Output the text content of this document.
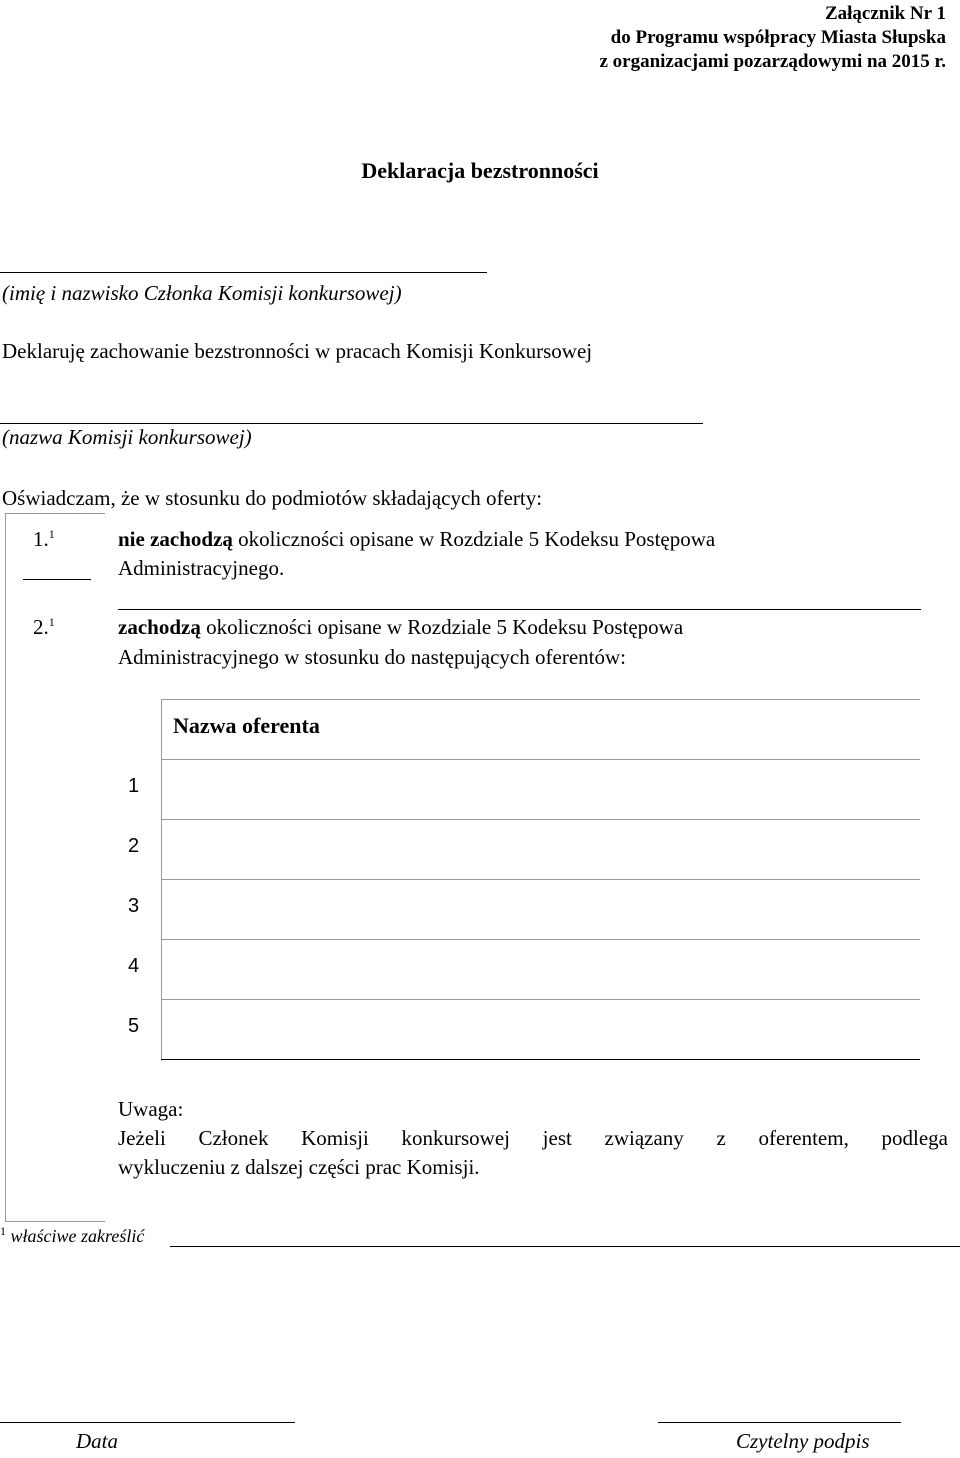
Załącznik Nr 1
do Programu współpracy Miasta Słupska
z organizacjami pozarządowymi na 2015 r.
Deklaracja bezstronności
(imię i nazwisko Członka Komisji konkursowej)
Deklaruję zachowanie bezstronności w pracach Komisji Konkursowej
(nazwa Komisji konkursowej)
Oświadczam, że w stosunku do podmiotów składających oferty:
1.$^1$	nie zachodzą okoliczności opisane w Rozdziale 5 Kodeksu Postępowa
Administracyjnego.
2.$^1$	zachodzą okoliczności opisane w Rozdziale 5 Kodeksu Postępowa
Administracyjnego w stosunku do następujących oferentów:
Nazwa oferenta
1
2
3
4
5
Uwaga:
Jeżeli Członek Komisji konkursowej jest związany z oferentem, podlega
wykluczeniu z dalszej części prac Komisji.
$^1$ właściwe zakreślić
Data	Czytelny podpis
